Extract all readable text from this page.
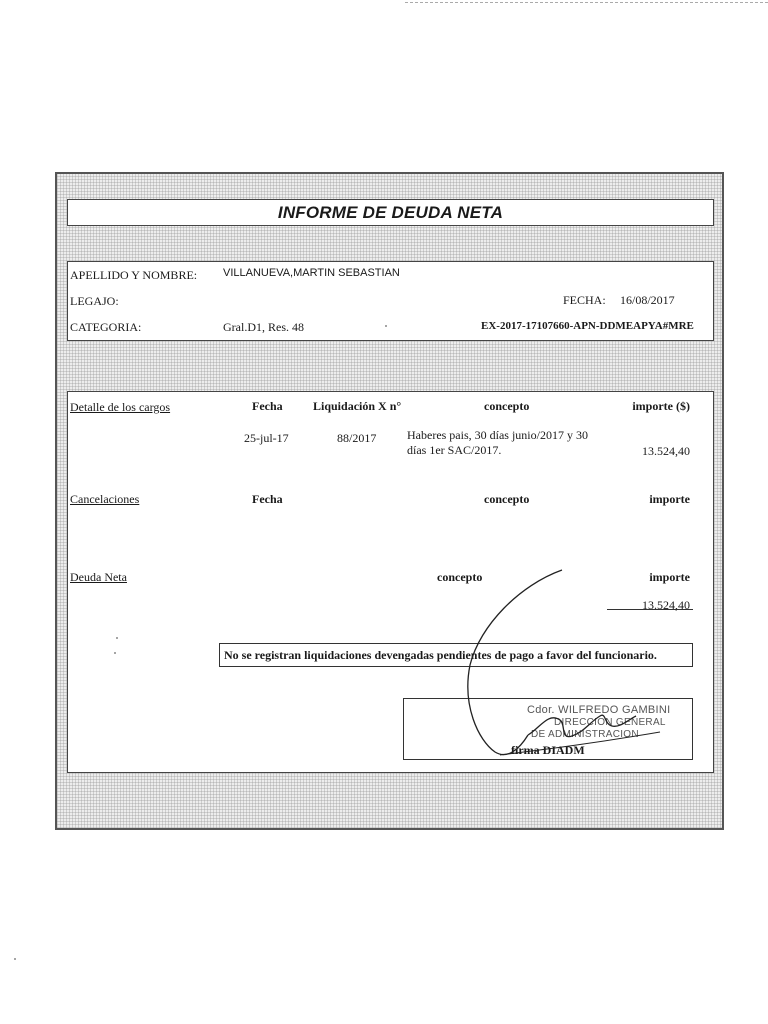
INFORME DE DEUDA NETA
APELLIDO Y NOMBRE: VILLANUEVA,MARTIN SEBASTIAN
LEGAJO:	FECHA: 16/08/2017
CATEGORIA:	Gral.D1, Res. 48	EX-2017-17107660-APN-DDMEAPYA#MRE
Detalle de los cargos	Fecha	Liquidación X n°	concepto	importe ($)
25-jul-17	88/2017	Haberes pais, 30 días junio/2017 y 30
días 1er SAC/2017.	13.524,40
Cancelaciones	Fecha	concepto	importe
Deuda Neta	concepto	importe
13.524,40
No se registran liquidaciones devengadas pendientes de pago a favor del funcionario.
Cdor. WILFREDO GAMBINI
DIRECCION GENERAL
DE ADMINISTRACION
firma DIADM
